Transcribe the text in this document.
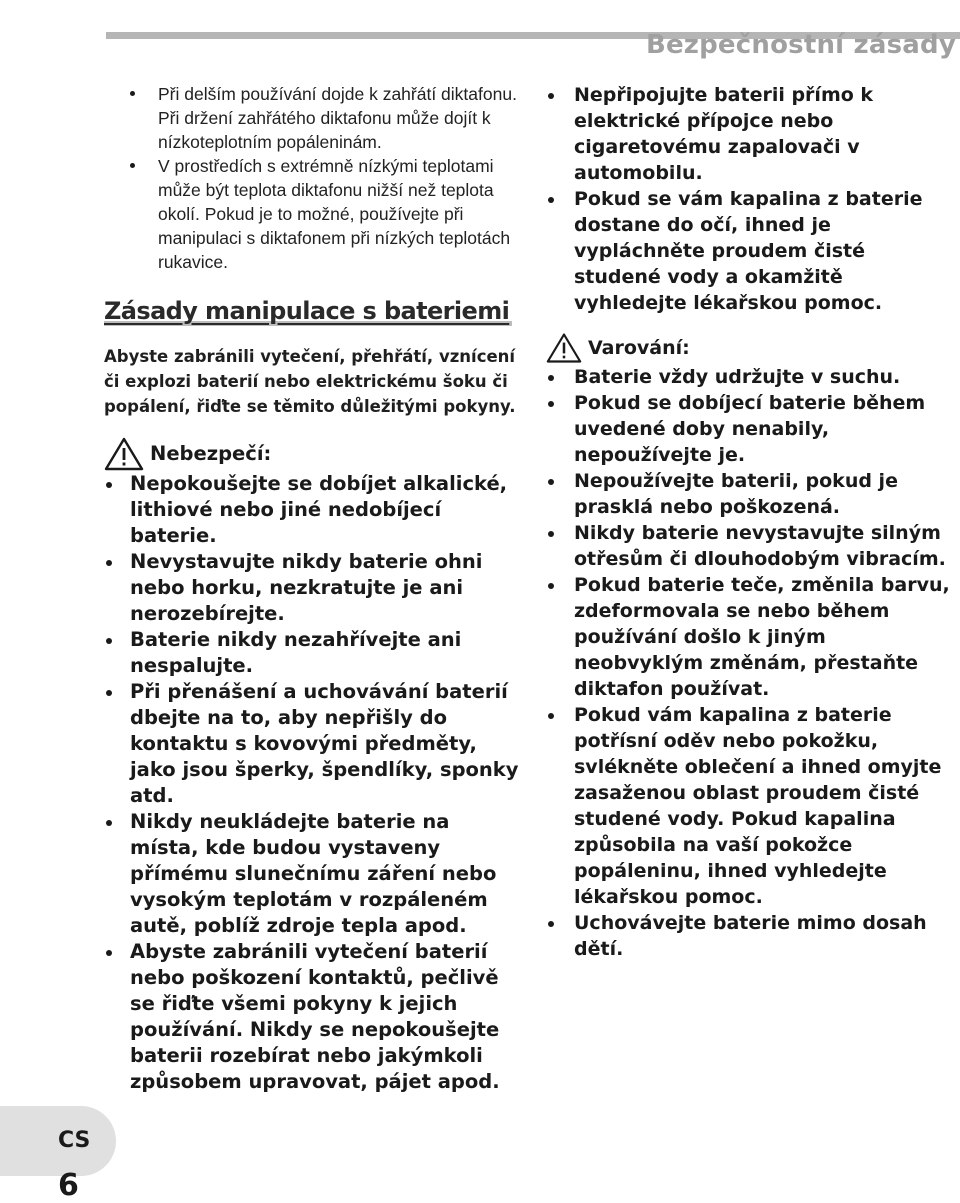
Bezpečnostní zásady
Při delším používání dojde k zahřátí diktafonu. Při držení zahřátého diktafonu může dojít k nízkoteplotním popáleninám.
V prostředích s extrémně nízkými teplotami může být teplota diktafonu nižší než teplota okolí. Pokud je to možné, používejte při manipulaci s diktafonem při nízkých teplotách rukavice.
Zásady manipulace s bateriemi
Abyste zabránili vytečení, přehřátí, vznícení či explozi baterií nebo elektrickému šoku či popálení, řiďte se těmito důležitými pokyny.
Nebezpečí:
Nepokoušejte se dobíjet alkalické, lithiové nebo jiné nedobíjecí baterie.
Nevystavujte nikdy baterie ohni nebo horku, nezkratujte je ani nerozebírejte.
Baterie nikdy nezahřívejte ani nespalujte.
Při přenášení a uchovávání baterií dbejte na to, aby nepřišly do kontaktu s kovovými předměty, jako jsou šperky, špendlíky, sponky atd.
Nikdy neukládejte baterie na místa, kde budou vystaveny přímému slunečnímu záření nebo vysokým teplotám v rozpáleném autě, poblíž zdroje tepla apod.
Abyste zabránili vytečení baterií nebo poškození kontaktů, pečlivě se řiďte všemi pokyny k jejich používání. Nikdy se nepokoušejte baterii rozebírat nebo jakýmkoli způsobem upravovat, pájet apod.
Nepřipojujte baterii přímo k elektrické přípojce nebo cigaretovému zapalovači v automobilu.
Pokud se vám kapalina z baterie dostane do očí, ihned je vypláchněte proudem čisté studené vody a okamžitě vyhledejte lékařskou pomoc.
Varování:
Baterie vždy udržujte v suchu.
Pokud se dobíjecí baterie během uvedené doby nenabily, nepoužívejte je.
Nepoužívejte baterii, pokud je prasklá nebo poškozená.
Nikdy baterie nevystavujte silným otřesům či dlouhodobým vibracím.
Pokud baterie teče, změnila barvu, zdeformovala se nebo během používání došlo k jiným neobvyklým změnám, přestaňte diktafon používat.
Pokud vám kapalina z baterie potřísní oděv nebo pokožku, svlékněte oblečení a ihned omyjte zasaženou oblast proudem čisté studené vody. Pokud kapalina způsobila na vaší pokožce popáleninu, ihned vyhledejte lékařskou pomoc.
Uchovávejte baterie mimo dosah dětí.
CS
6
